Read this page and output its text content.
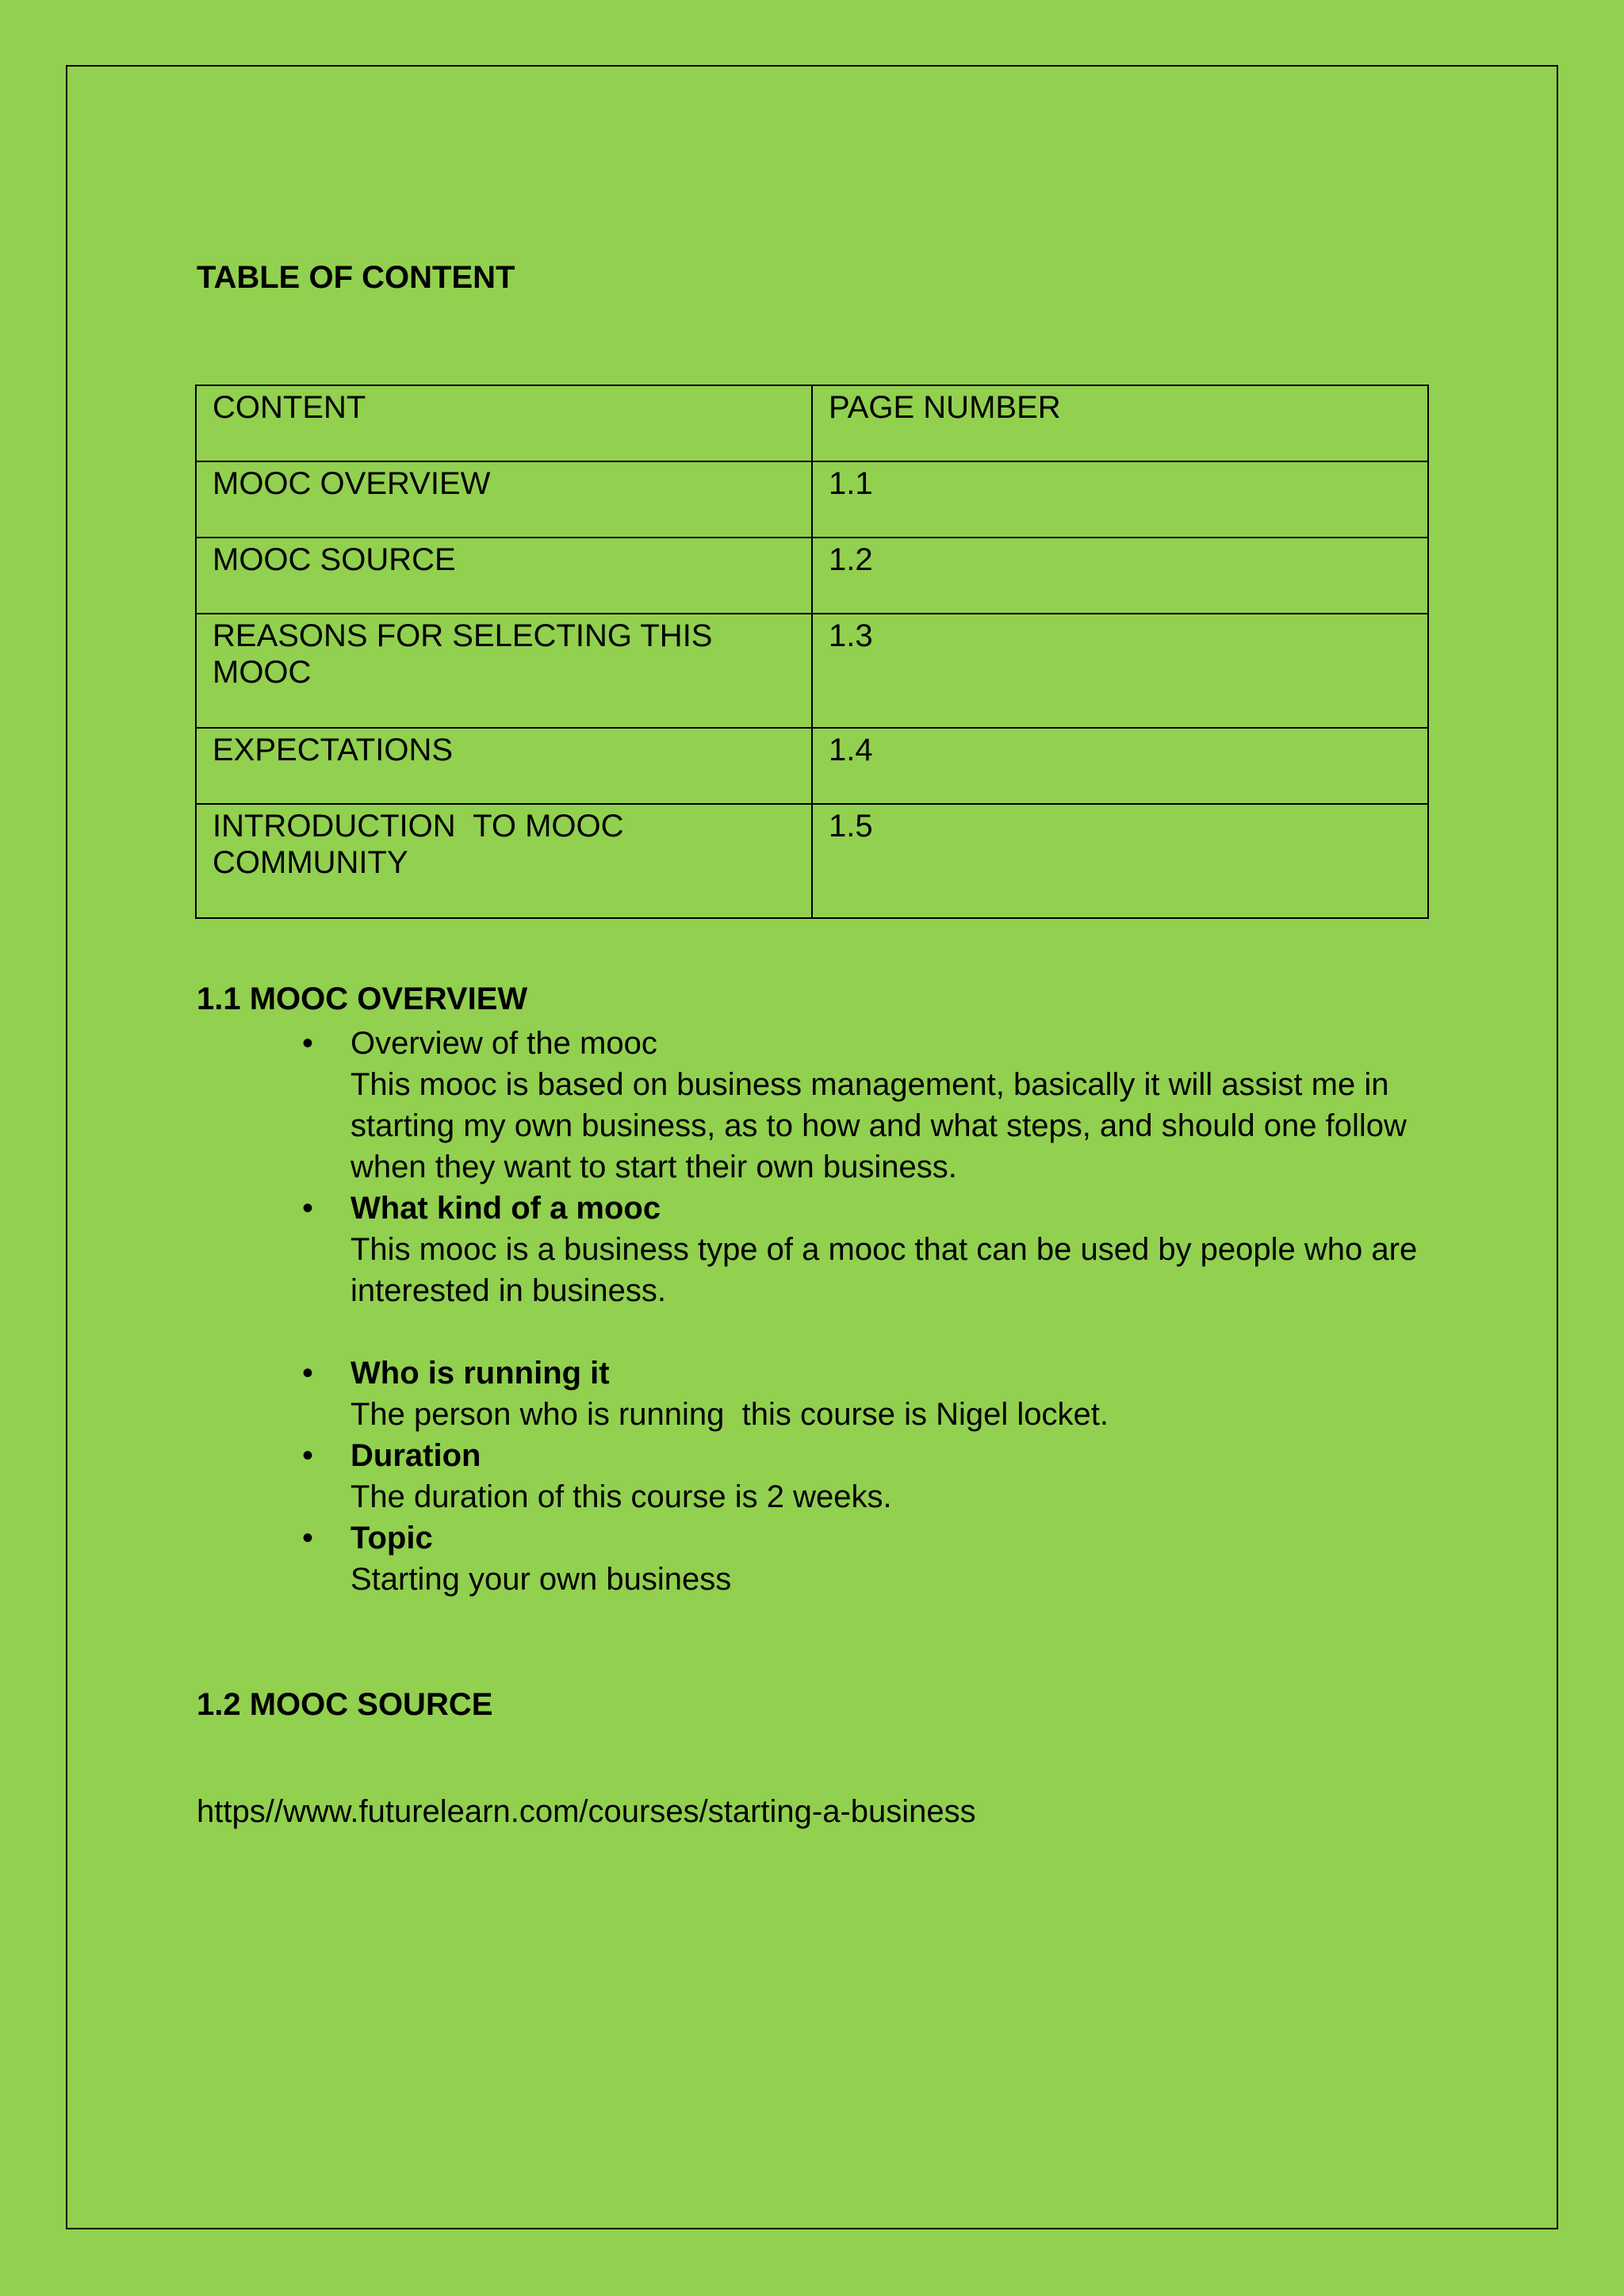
TABLE OF CONTENT
CONTENT	PAGE NUMBER
MOOC OVERVIEW	1.1
MOOC SOURCE	1.2

REASONS FOR SELECTING THIS MOOC	1.3
EXPECTATIONS	1.4

INTRODUCTION  TO MOOC COMMUNITY	1.5
1.1 MOOC OVERVIEW
• Overview of the mooc
This mooc is based on business management, basically it will assist me in starting my own business, as to how and what steps, and should one follow when they want to start their own business.
• What kind of a mooc
This mooc is a business type of a mooc that can be used by people who are interested in business.
• Who is running it
The person who is running  this course is Nigel locket.
• Duration
The duration of this course is 2 weeks.
• Topic
Starting your own business
1.2 MOOC SOURCE
https//www.futurelearn.com/courses/starting-a-business
